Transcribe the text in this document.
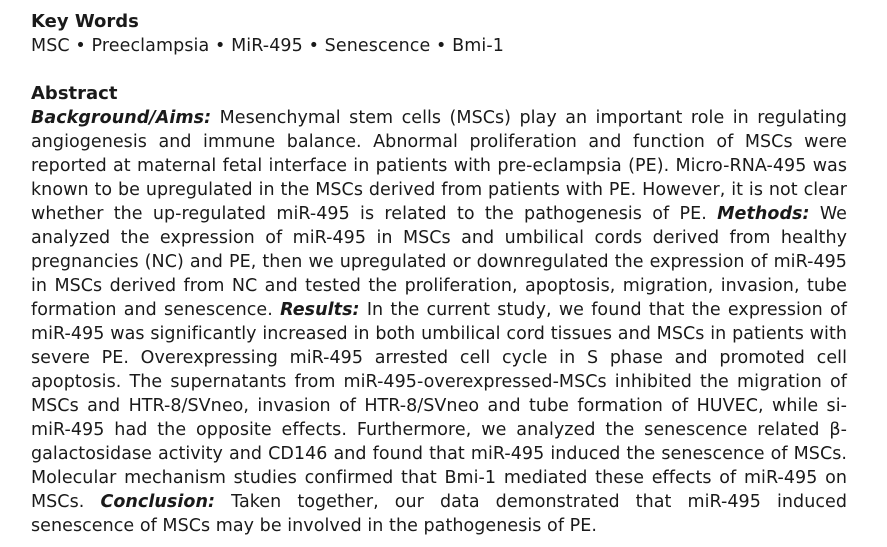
Key Words

MSC • Preeclampsia • MiR-495 • Senescence • Bmi-1

Abstract

Background/Aims: Mesenchymal stem cells (MSCs) play an important role in regulating angiogenesis and immune balance. Abnormal proliferation and function of MSCs were reported at maternal fetal interface in patients with pre-eclampsia (PE). Micro-RNA-495 was known to be upregulated in the MSCs derived from patients with PE. However, it is not clear whether the up-regulated miR-495 is related to the pathogenesis of PE. Methods: We analyzed the expression of miR-495 in MSCs and umbilical cords derived from healthy pregnancies (NC) and PE, then we upregulated or downregulated the expression of miR-495 in MSCs derived from NC and tested the proliferation, apoptosis, migration, invasion, tube formation and senescence. Results: In the current study, we found that the expression of miR-495 was significantly increased in both umbilical cord tissues and MSCs in patients with severe PE. Overexpressing miR-495 arrested cell cycle in S phase and promoted cell apoptosis. The supernatants from miR-495-overexpressed-MSCs inhibited the migration of MSCs and HTR-8/SVneo, invasion of HTR-8/SVneo and tube formation of HUVEC, while si-miR-495 had the opposite effects. Furthermore, we analyzed the senescence related β-galactosidase activity and CD146 and found that miR-495 induced the senescence of MSCs. Molecular mechanism studies confirmed that Bmi-1 mediated these effects of miR-495 on MSCs. Conclusion: Taken together, our data demonstrated that miR-495 induced senescence of MSCs may be involved in the pathogenesis of PE.
